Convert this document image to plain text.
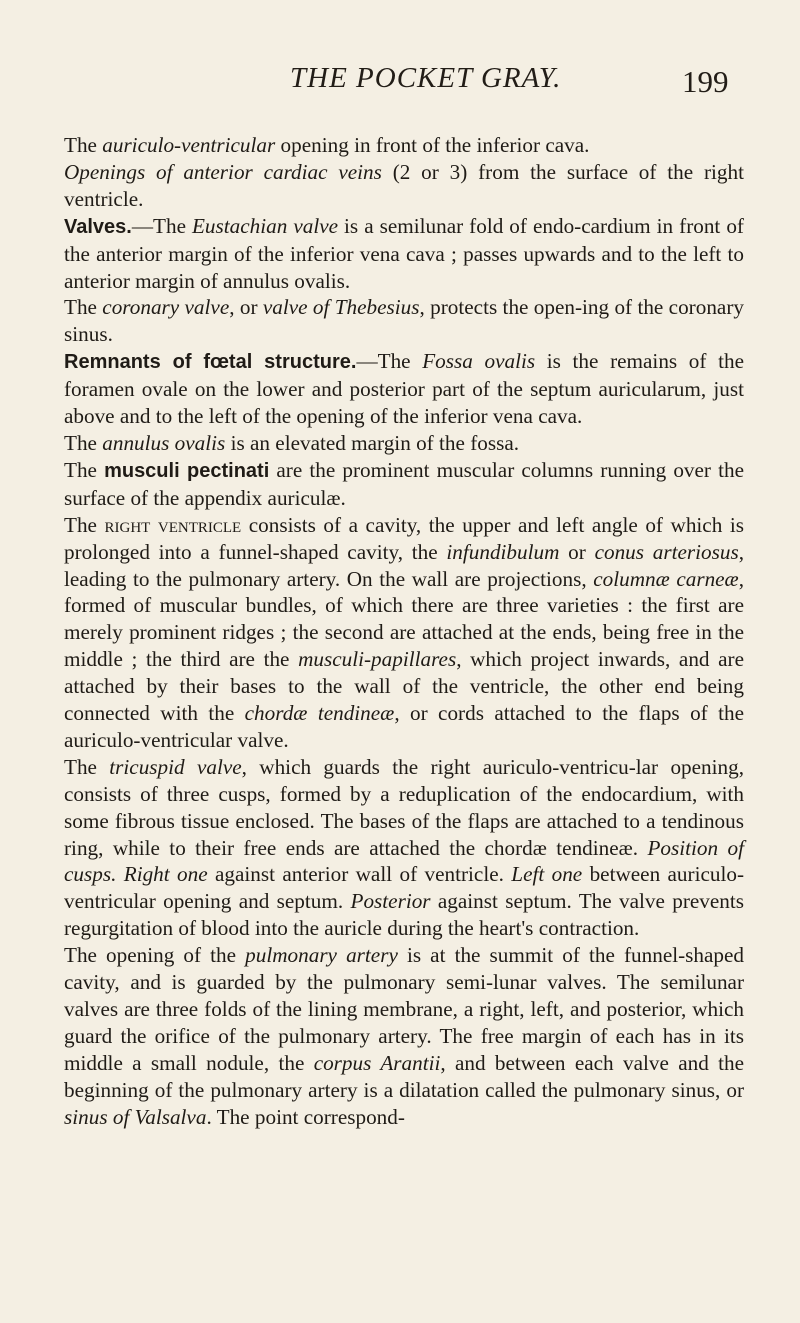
THE POCKET GRAY.	199

The auriculo-ventricular opening in front of the inferior cava.

Openings of anterior cardiac veins (2 or 3) from the surface of the right ventricle.

Valves.—The Eustachian valve is a semilunar fold of endo-cardium in front of the anterior margin of the inferior vena cava ; passes upwards and to the left to anterior margin of annulus ovalis.

The coronary valve, or valve of Thebesius, protects the open-ing of the coronary sinus.

Remnants of fœtal structure.—The Fossa ovalis is the remains of the foramen ovale on the lower and posterior part of the septum auricularum, just above and to the left of the opening of the inferior vena cava.

The annulus ovalis is an elevated margin of the fossa.

The musculi pectinati are the prominent muscular columns running over the surface of the appendix auriculæ.

The right ventricle consists of a cavity, the upper and left angle of which is prolonged into a funnel-shaped cavity, the infundibulum or conus arteriosus, leading to the pulmonary artery. On the wall are projections, columnæ carneæ, formed of muscular bundles, of which there are three varieties : the first are merely prominent ridges ; the second are attached at the ends, being free in the middle ; the third are the musculi-papillares, which project inwards, and are attached by their bases to the wall of the ventricle, the other end being connected with the chordæ tendineæ, or cords attached to the flaps of the auriculo-ventricular valve.

The tricuspid valve, which guards the right auriculo-ventricu-lar opening, consists of three cusps, formed by a reduplication of the endocardium, with some fibrous tissue enclosed. The bases of the flaps are attached to a tendinous ring, while to their free ends are attached the chordæ tendineæ. Position of cusps. Right one against anterior wall of ventricle. Left one between auriculo-ventricular opening and septum. Posterior against septum. The valve prevents regurgitation of blood into the auricle during the heart's contraction.

The opening of the pulmonary artery is at the summit of the funnel-shaped cavity, and is guarded by the pulmonary semi-lunar valves. The semilunar valves are three folds of the lining membrane, a right, left, and posterior, which guard the orifice of the pulmonary artery. The free margin of each has in its middle a small nodule, the corpus Arantii, and between each valve and the beginning of the pulmonary artery is a dilatation called the pulmonary sinus, or sinus of Valsalva. The point correspond-
